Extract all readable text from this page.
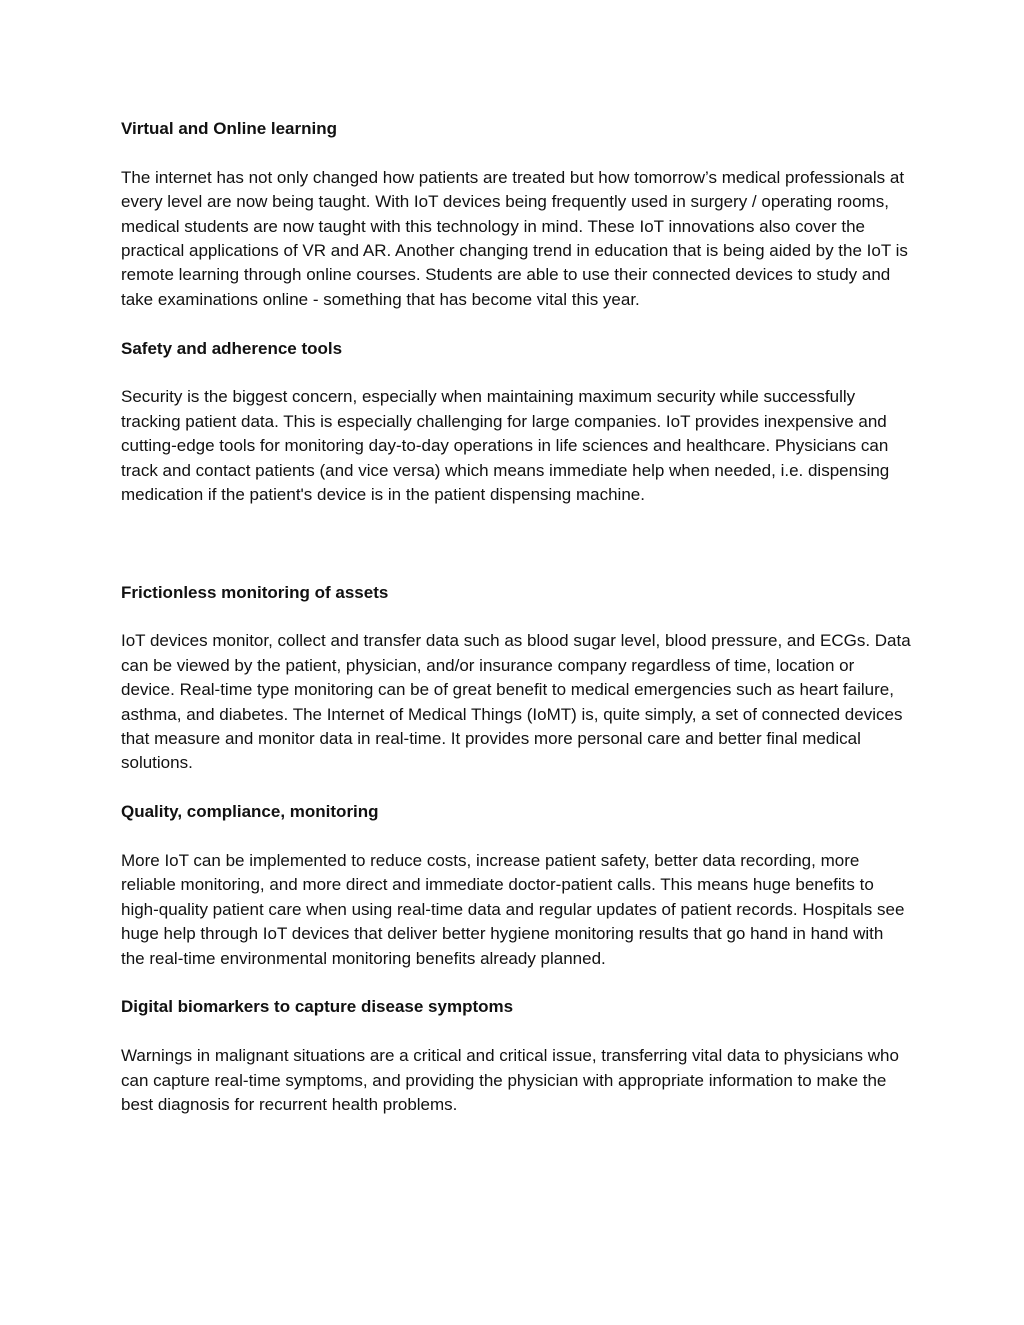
Virtual and Online learning

The internet has not only changed how patients are treated but how tomorrow’s medical professionals at every level are now being taught. With IoT devices being frequently used in surgery / operating rooms, medical students are now taught with this technology in mind. These IoT innovations also cover the practical applications of VR and AR. Another changing trend in education that is being aided by the IoT is remote learning through online courses. Students are able to use their connected devices to study and take examinations online - something that has become vital this year.

Safety and adherence tools

Security is the biggest concern, especially when maintaining maximum security while successfully tracking patient data. This is especially challenging for large companies. IoT provides inexpensive and cutting-edge tools for monitoring day-to-day operations in life sciences and healthcare. Physicians can track and contact patients (and vice versa) which means immediate help when needed, i.e. dispensing medication if the patient's device is in the patient dispensing machine.

Frictionless monitoring of assets

IoT devices monitor, collect and transfer data such as blood sugar level, blood pressure, and ECGs. Data can be viewed by the patient, physician, and/or insurance company regardless of time, location or device. Real-time type monitoring can be of great benefit to medical emergencies such as heart failure, asthma, and diabetes. The Internet of Medical Things (IoMT) is, quite simply, a set of connected devices that measure and monitor data in real-time. It provides more personal care and better final medical solutions.

Quality, compliance, monitoring

More IoT can be implemented to reduce costs, increase patient safety, better data recording, more reliable monitoring, and more direct and immediate doctor-patient calls. This means huge benefits to high-quality patient care when using real-time data and regular updates of patient records. Hospitals see huge help through IoT devices that deliver better hygiene monitoring results that go hand in hand with the real-time environmental monitoring benefits already planned.

Digital biomarkers to capture disease symptoms

Warnings in malignant situations are a critical and critical issue, transferring vital data to physicians who can capture real-time symptoms, and providing the physician with appropriate information to make the best diagnosis for recurrent health problems.
